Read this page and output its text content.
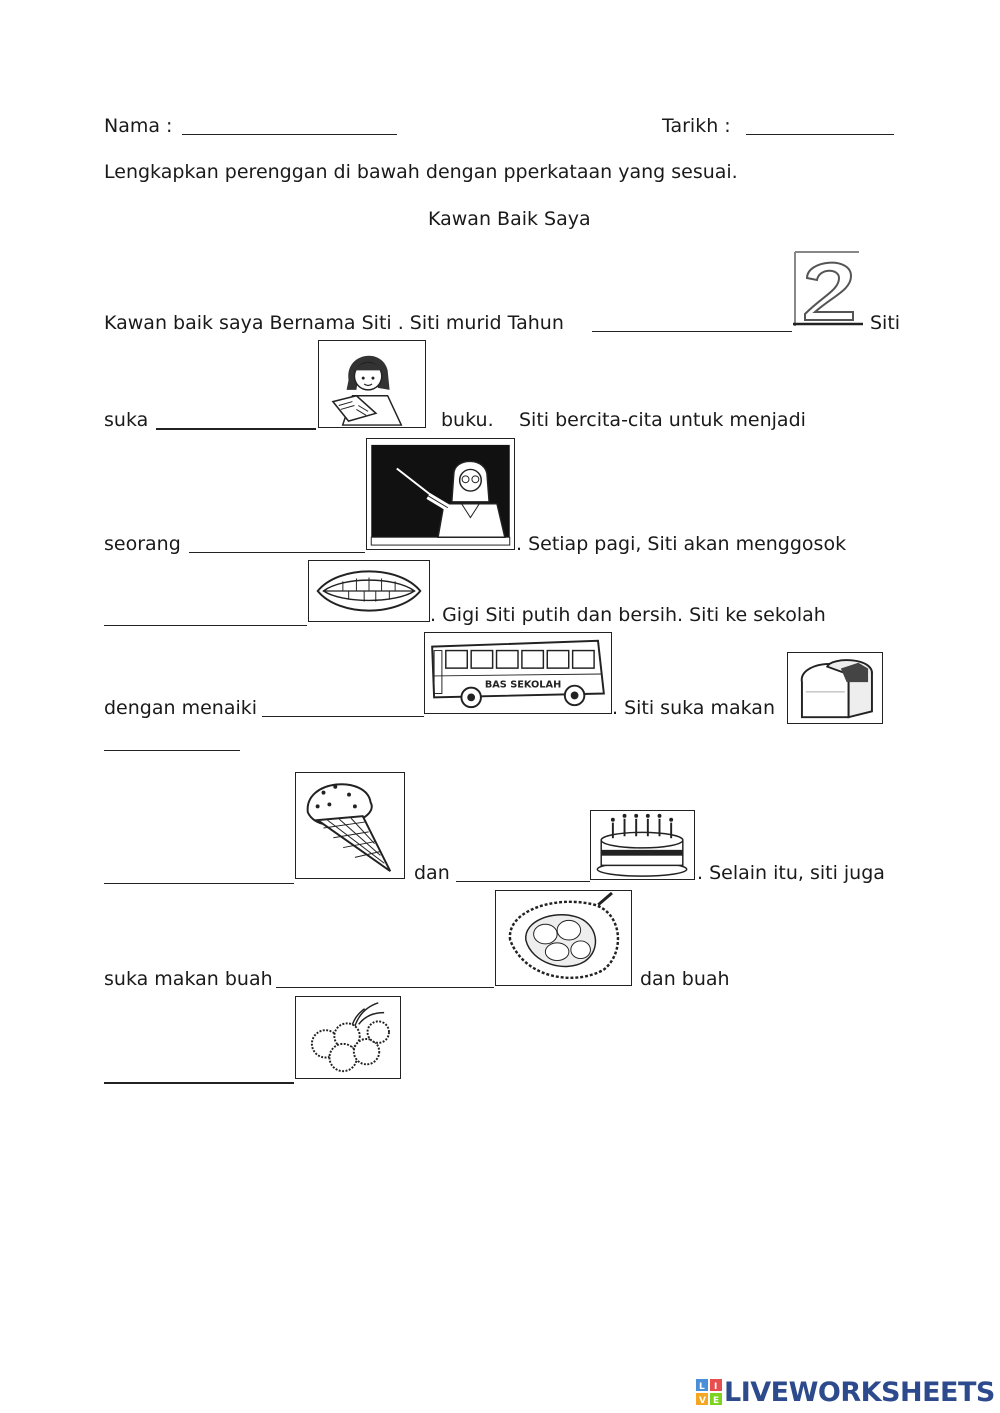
Nama :	Tarikh :
Lengkapkan perenggan di bawah dengan pperkataan yang sesuai.
Kawan Baik Saya
Kawan baik saya Bernama Siti . Siti murid Tahun	Siti
suka	buku. Siti bercita-cita untuk menjadi
seorang	. Setiap pagi, Siti akan menggosok
. Gigi Siti putih dan bersih. Siti ke sekolah
dengan menaiki
BAS SEKOLAH
. Siti suka makan
dan	. Selain itu, siti juga
suka makan buah	dan buah
L I
V E LIVEWORKSHEETS
